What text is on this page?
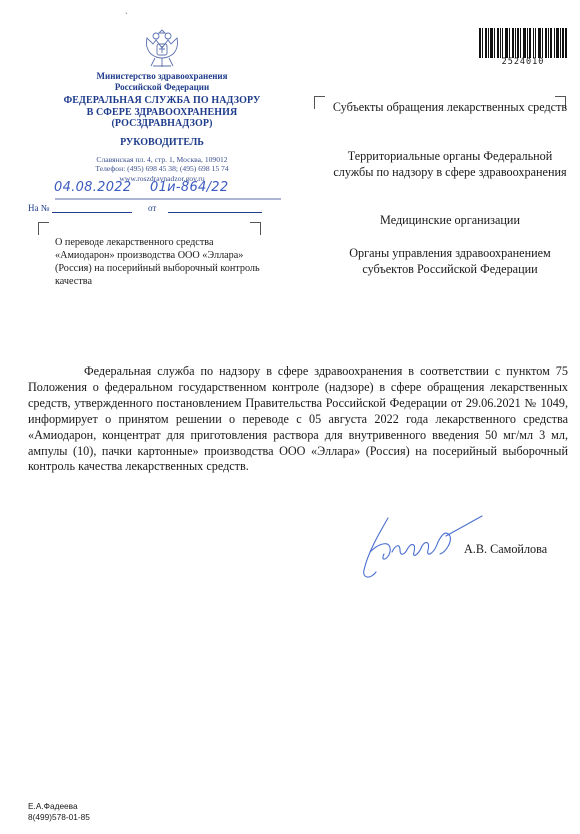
ˎ
Министерство здравоохранения
Российской Федерации
ФЕДЕРАЛЬНАЯ СЛУЖБА ПО НАДЗОРУ
В СФЕРЕ ЗДРАВООХРАНЕНИЯ
(РОСЗДРАВНАДЗОР)
РУКОВОДИТЕЛЬ
Славянская пл. 4, стр. 1, Москва, 109012
Телефон: (495) 698 45 38; (495) 698 15 74
www.roszdravnadzor.gov.ru
04.08.2022 01и-864/22
На №	от
О переводе лекарственного средства «Амиодарон» производства ООО «Эллара» (Россия) на посерийный выборочный контроль качества
2524010
Субъекты обращения лекарственных средств
Территориальные органы Федеральной службы по надзору в сфере здравоохранения
Медицинские организации
Органы управления здравоохранением субъектов Российской Федерации

Федеральная служба по надзору в сфере здравоохранения в соответствии с пунктом 75 Положения о федеральном государственном контроле (надзоре) в сфере обращения лекарственных средств, утвержденного постановлением Правительства Российской Федерации от 29.06.2021 № 1049, информирует о принятом решении о переводе с 05 августа 2022 года лекарственного средства «Амиодарон, концентрат для приготовления раствора для внутривенного введения 50 мг/мл 3 мл, ампулы (10), пачки картонные» производства ООО «Эллара» (Россия) на посерийный выборочный контроль качества лекарственных средств.

А.В. Самойлова
Е.А.Фадеева
8(499)578-01-85
